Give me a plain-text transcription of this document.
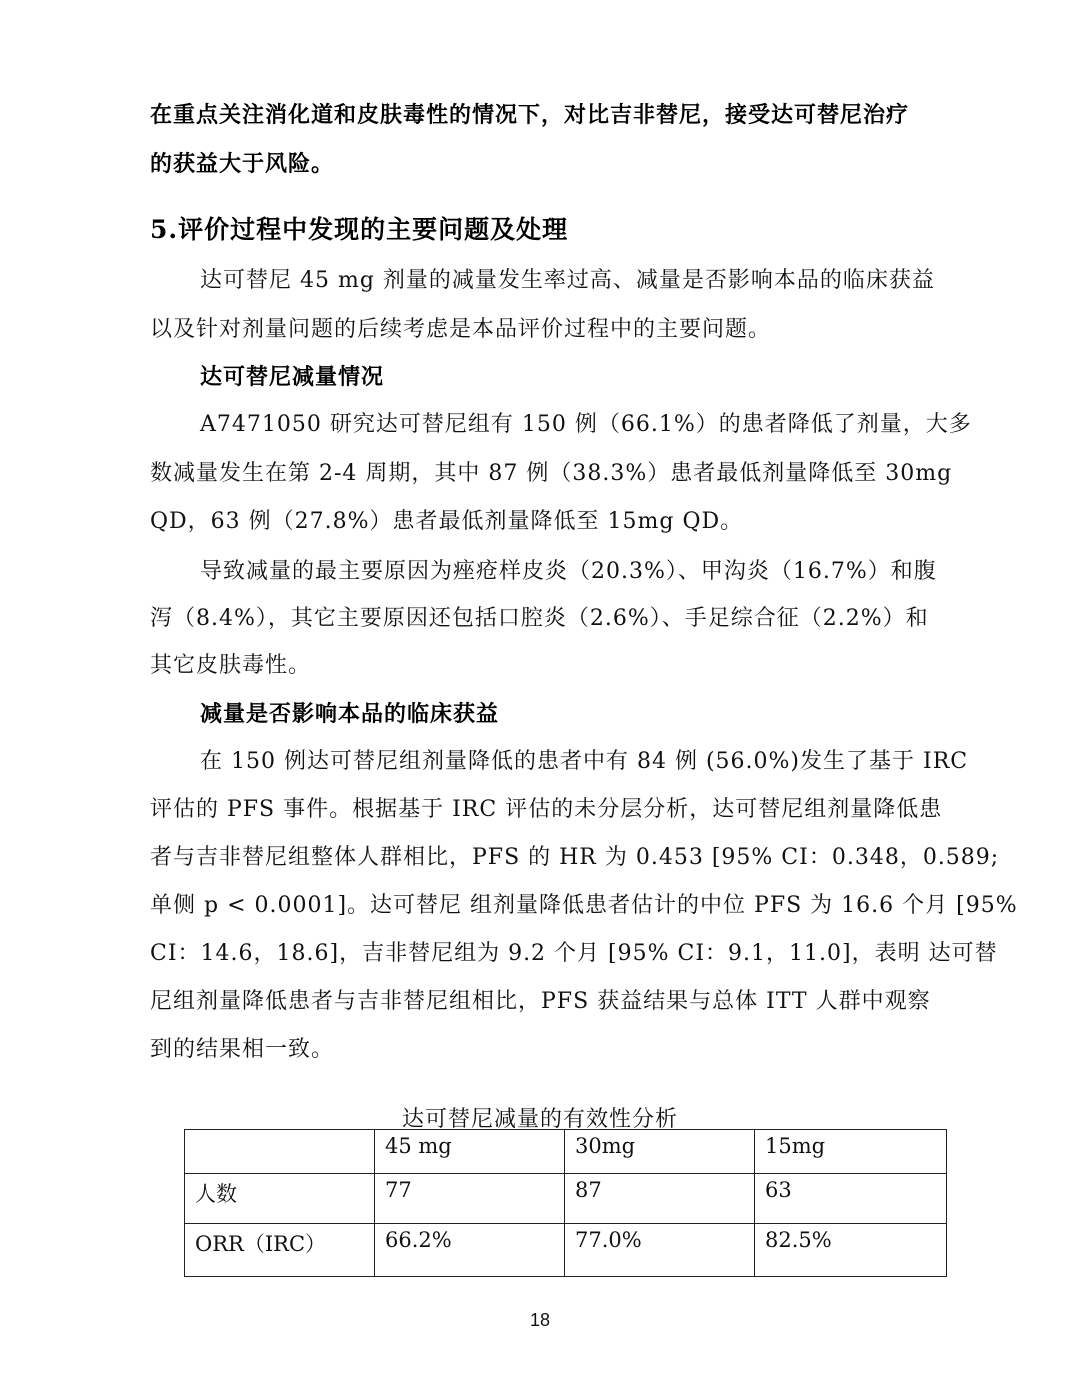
在重点关注消化道和皮肤毒性的情况下，对比吉非替尼，接受达可替尼治疗

的获益大于风险。

5.评价过程中发现的主要问题及处理

达可替尼 45 mg 剂量的减量发生率过高、减量是否影响本品的临床获益

以及针对剂量问题的后续考虑是本品评价过程中的主要问题。

达可替尼减量情况

A7471050 研究达可替尼组有 150 例（66.1%）的患者降低了剂量，大多

数减量发生在第 2-4 周期，其中 87 例（38.3%）患者最低剂量降低至 30mg

QD，63 例（27.8%）患者最低剂量降低至 15mg QD。

导致减量的最主要原因为痤疮样皮炎（20.3%）、甲沟炎（16.7%）和腹

泻（8.4%），其它主要原因还包括口腔炎（2.6%）、手足综合征（2.2%）和

其它皮肤毒性。

减量是否影响本品的临床获益

在 150 例达可替尼组剂量降低的患者中有 84 例 (56.0%)发生了基于 IRC

评估的 PFS 事件。根据基于 IRC 评估的未分层分析，达可替尼组剂量降低患

者与吉非替尼组整体人群相比，PFS 的 HR 为 0.453 [95% CI：0.348，0.589;

单侧 p < 0.0001]。达可替尼 组剂量降低患者估计的中位 PFS 为 16.6 个月 [95%

CI：14.6，18.6]，吉非替尼组为 9.2 个月 [95% CI：9.1，11.0]，表明 达可替

尼组剂量降低患者与吉非替尼组相比，PFS 获益结果与总体 ITT 人群中观察

到的结果相一致。

达可替尼减量的有效性分析

	45 mg	30mg	15mg
人数	77	87	63
ORR（IRC）	66.2%	77.0%	82.5%
18
